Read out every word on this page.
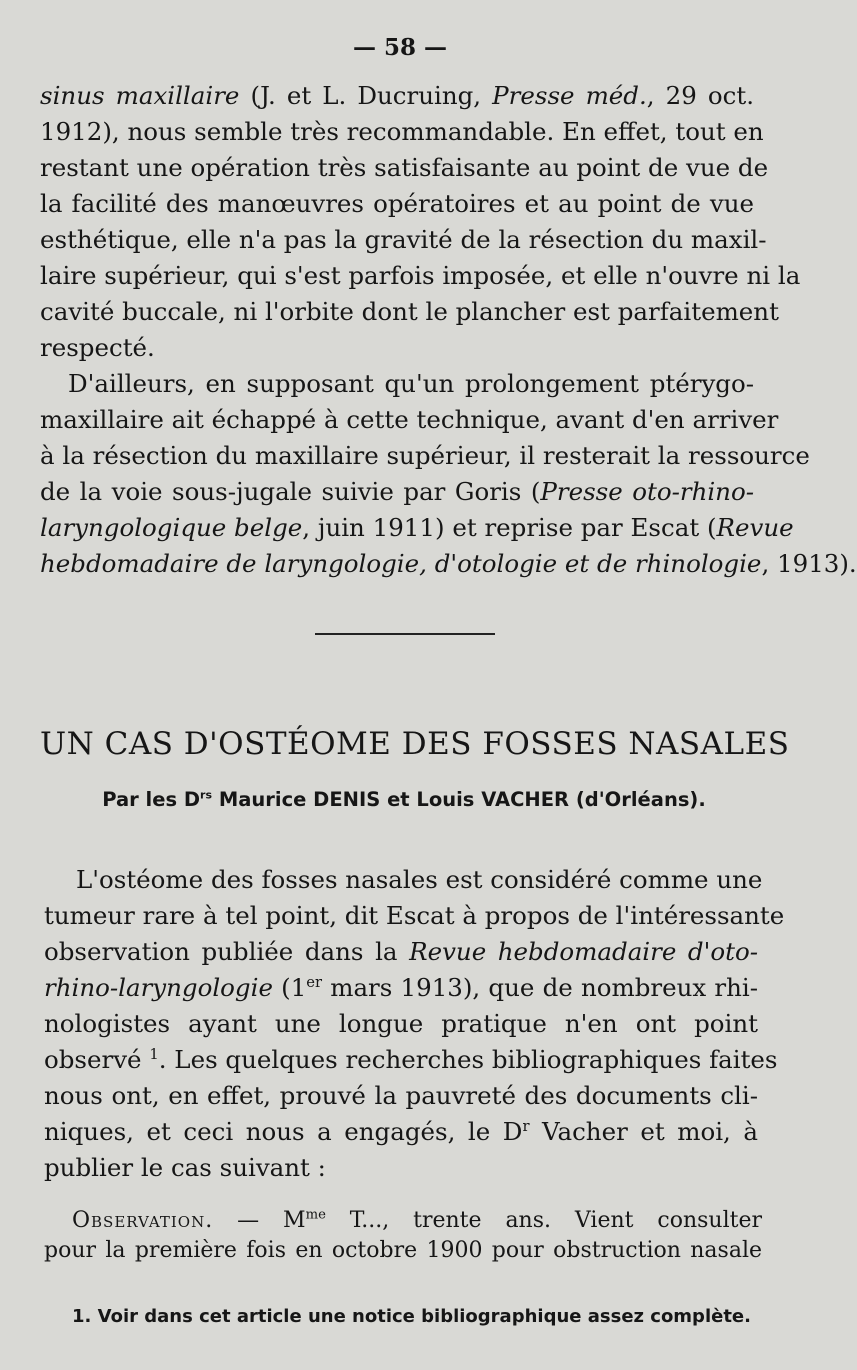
— 58 —
sinus maxillaire (J. et L. Ducruing, Presse méd., 29 oct.
1912), nous semble très recommandable. En effet, tout en
restant une opération très satisfaisante au point de vue de
la facilité des manœuvres opératoires et au point de vue
esthétique, elle n'a pas la gravité de la résection du maxil-
laire supérieur, qui s'est parfois imposée, et elle n'ouvre ni la
cavité buccale, ni l'orbite dont le plancher est parfaitement
respecté.
D'ailleurs, en supposant qu'un prolongement ptérygo-
maxillaire ait échappé à cette technique, avant d'en arriver
à la résection du maxillaire supérieur, il resterait la ressource
de la voie sous-jugale suivie par Goris (Presse oto-rhino-
laryngologique belge, juin 1911) et reprise par Escat (Revue
hebdomadaire de laryngologie, d'otologie et de rhinologie, 1913).
UN CAS D'OSTÉOME DES FOSSES NASALES
Par les $D^{rs}$ Maurice DENIS et Louis VACHER (d'Orléans).
L'ostéome des fosses nasales est considéré comme une
tumeur rare à tel point, dit Escat à propos de l'intéressante
observation publiée dans la Revue hebdomadaire d'oto-
rhino-laryngologie (1er mars 1913), que de nombreux rhi-
nologistes ayant une longue pratique n'en ont point
observé $^1$. Les quelques recherches bibliographiques faites
nous ont, en effet, prouvé la pauvreté des documents cli-
niques, et ceci nous a engagés, le $D^r$ Vacher et moi, à
publier le cas suivant :
Observation. — $M^{me}$ T..., trente ans. Vient consulter
pour la première fois en octobre 1900 pour obstruction nasale
1. Voir dans cet article une notice bibliographique assez complète.
